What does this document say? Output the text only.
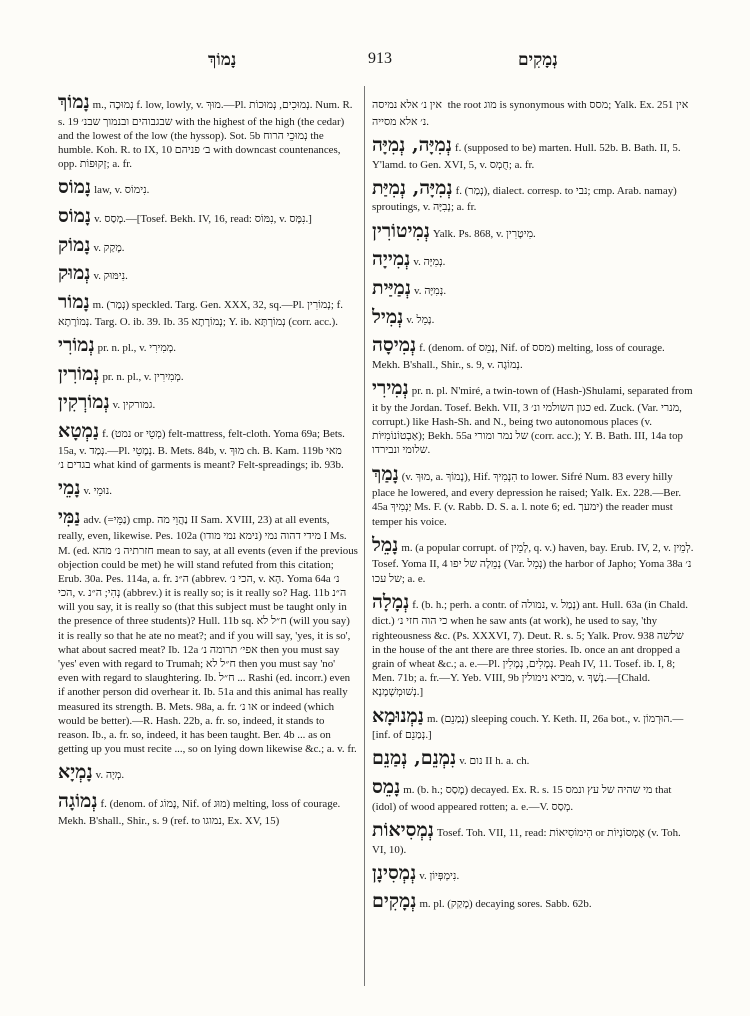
נָמוֹךְ	913	נְמָקִים

נָמוֹךְ m., נְמוּכָה f. low, lowly, v. מוּךְ.—Pl. נְמוּכִים, נְמוּכוֹת. Num. R. s. 19 שבגבוהים ובנמוך שבנ׳ with the highest of the high (the cedar) and the lowest of the low (the hyssop). Sot. 5b נְמוּכֵי הרוח the humble. Koh. R. to IX, 10 ב׳ פניהם with downcast countenances, opp. זְקוּפוֹת; a. fr.

נָמוֹס law, v. נִימוֹס.

נָמוֹס v. מָסַס.—[Tosef. Bekh. IV, 16, read: נִמּוֹס, v. נִמָּס.]

נָמוֹק v. מָקַק.

נְמוּק v. נִימּוּק.

נָמוֹר m. (נְמַר) speckled. Targ. Gen. XXX, 32, sq.—Pl. נְמוֹרִין; f. נְמוֹרָתָא. Targ. O. ib. 39. Ib. 35 נְמוֹרָתָא; Y. ib. נְמוֹרְתָּא (corr. acc.).

נְמוֹרִי pr. n. pl., v. מְמִירִי.

נְמוֹרִין pr. n. pl., v. מְמִירִין.

נְמוֹרְקִין v. גמורקין.

נַמְטָא f. (נמט or מְטֵי) felt-mattress, felt-cloth. Yoma 69a; Bets. 15a, v. נְמַד.—Pl. נְמָטֵי. B. Mets. 84b, v. מוּךְ ch. B. Kam. 119b מאי בגדים נ׳ what kind of garments is meant? Felt-spreadings; ib. 93b.

נָמֵי v. נוּמֵי.

נַמִּי adv. (=נַמֵּי) cmp. נַהֲוֵי מה II Sam. XVIII, 23) at all events, really, even, likewise. Pes. 102a מידי דהוה נמי (נימא נמי מודו) I Ms. M. (ed. חזרתיה נ׳ מהא mean to say, at all events (even if the previous objection could be met) he will stand refuted from this citation; Erub. 30a. Pes. 114a, a. fr. ה״נ (abbrev. הכי נ׳, v. הָא. Yoma 64a נ׳ הכי, v. נְהִי; ה״נ (abbrev.) it is really so; is it really so? Hag. 11b ה״נ will you say, it is really so (that this subject must be taught only in the presence of three students)? Hull. 11b sq. ח״ל לא (will you say) it is really so that he ate no meat?; and if you will say, 'yes, it is so', what about sacred meat? Ib. 12a אפי׳ תרומה נ׳ then you must say 'yes' even with regard to Trumah; ח״ל לא then you must say 'no' even with regard to slaughtering. Ib. ח״ל ... Rashi (ed. incorr.) even if another person did overhear it. Ib. 51a and this animal has really measured its strength. B. Mets. 98a, a. fr. או נ׳ or indeed (which would be better).—R. Hash. 22b, a. fr. so, indeed, it stands to reason. Ib., a. fr. so, indeed, it has been taught. Ber. 4b ... as on getting up you must recite ..., so on lying down likewise &c.; a. v. fr.

נָמְיָא v. מְיָה.

נְמוֹגָה f. (denom. of נָמוֹג, Nif. of מוּג) melting, loss of courage. Mekh. B'shall., Shir., s. 9 (ref. to נמוגו, Ex. XV, 15)

אין נ׳ אלא נמיסה the root מוג is synonymous with מסס; Yalk. Ex. 251 אין נ׳ אלא מסייה.

נְמִיָּה, נְמִיָּה f. (supposed to be) marten. Hull. 52b. B. Bath. II, 5. Y'lamd. to Gen. XVI, 5, v. חֻמְס; a. fr.

נְמִיָּה, נְמִיַּת f. (נְמַר), dialect. corresp. to נבי; cmp. Arab. namay) sproutings, v. נְבִיָּה; a. fr.

נְמִיטוֹרִין Yalk. Ps. 868, v. מִיטָרִין.

נְמִייָה v. נְמִיָּה.

נְמַיַּית v. נְמִיָּה.

נְמִיל v. נָמֵל.

נְמִיסָה f. (denom. of נָמֵס, Nif. of מסס) melting, loss of courage. Mekh. B'shall., Shir., s. 9, v. נְמוֹגָה.

נְמִירִי pr. n. pl. N'miré, a twin-town of (Hash-)Shulami, separated from it by the Jordan. Tosef. Bekh. VII, 3 כגון השולמי ונ׳ ed. Zuck. (Var. מנרי, corrupt.) like Hash-Sh. and N., being two autonomous places (v. אַבְטוֹנוֹמִיּוֹת); Bekh. 55a של נמר ומורי (corr. acc.); Y. B. Bath. III, 14a top שלומי ונבירדו.

נָמַךְ (v. מוּךְ, a. נָמוֹךְ), Hif. הִנְמִיךְ to lower. Sifré Num. 83 every hilly place he lowered, and every depression he raised; Yalk. Ex. 228.—Ber. 45a יַנְמִיךְ Ms. F. (v. Rabb. D. S. a. l. note 6; ed. ימעך) the reader must temper his voice.

נָמֵל m. (a popular corrupt. of לְמֵין, q. v.) haven, bay. Erub. IV, 2, v. לְמֵין. Tosef. Yoma II, 4 נְמֵלָה של יפו (Var. נְמֵל) the harbor of Japho; Yoma 38a נ׳ של עכו; a. e.

נְמָלָה f. (b. h.; perh. a contr. of נמולה, v. נְמַל) ant. Hull. 63a (in Chald. dict.) כי הוה חזי נ׳ when he saw ants (at work), he used to say, 'thy righteousness &c. (Ps. XXXVI, 7). Deut. R. s. 5; Yalk. Prov. 938 שלשה in the house of the ant there are three stories. Ib. once an ant dropped a grain of wheat &c.; a. e.—Pl. נְמָלִים, נְמָלִין. Peah IV, 11. Tosef. ib. I, 8; Men. 71b; a. fr.—Y. Yeb. VIII, 9b מביא נימולין, v. נְשַׁךְ.—[Chald. נְשׁוּמְשְׁמָנָא.]

נַמְנוּמָא m. (נְמַנֵם) sleeping couch. Y. Keth. II, 26a bot., v. הוּרְמוֹן.—[inf. of נְמַנֵם.]

נִמְנֵם, נְמַנֵם v. נום II h. a. ch.

נָמֵס m. (b. h.; מָסַס) decayed. Ex. R. s. 15 מי שהיה של עץ ונמס that (idol) of wood appeared rotten; a. e.—V. מְסַס.

נְמְסִיאוֹת Tosef. Toh. VII, 11, read: הִימוֹסִיאוֹת or אֶמְסוֹנְיוֹת (v. Toh. VI, 10).

נְמְסִינָן v. נִימְפְּיוֹן.

נְמָקִים m. pl. (מָקַק) decaying sores. Sabb. 62b.
